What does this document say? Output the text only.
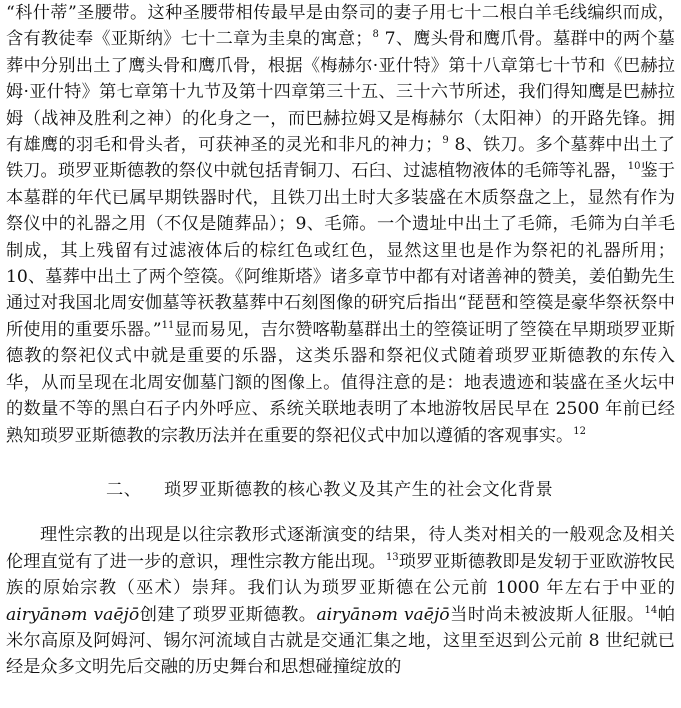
“科什蒂”圣腰带。这种圣腰带相传最早是由祭司的妻子用七十二根白羊毛线编织而成，含有教徒奉《亚斯纳》七十二章为圭臬的寓意；$^8$ 7、鹰头骨和鹰爪骨。墓群中的两个墓葬中分别出土了鹰头骨和鹰爪骨，根据《梅赫尔·亚什特》第十八章第七十节和《巴赫拉姆·亚什特》第七章第十九节及第十四章第三十五、三十六节所述，我们得知鹰是巴赫拉姆（战神及胜利之神）的化身之一，而巴赫拉姆又是梅赫尔（太阳神）的开路先锋。拥有雄鹰的羽毛和骨头者，可获神圣的灵光和非凡的神力；$^9$ 8、铁刀。多个墓葬中出土了铁刀。琐罗亚斯德教的祭仪中就包括青铜刀、石臼、过滤植物液体的毛筛等礼器，$^{10}$鉴于本墓群的年代已属早期铁器时代，且铁刀出土时大多装盛在木质祭盘之上，显然有作为祭仪中的礼器之用（不仅是随葬品）；9、毛筛。一个遗址中出土了毛筛，毛筛为白羊毛制成，其上残留有过滤液体后的棕红色或红色，显然这里也是作为祭祀的礼器所用；10、墓葬中出土了两个箜篌。《阿维斯塔》诸多章节中都有对诸善神的赞美，姜伯勤先生通过对我国北周安伽墓等祆教墓葬中石刻图像的研究后指出“琵琶和箜篌是豪华祭祆祭中所使用的重要乐器。”$^{11}$显而易见，吉尔赞喀勒墓群出土的箜篌证明了箜篌在早期琐罗亚斯德教的祭祀仪式中就是重要的乐器，这类乐器和祭祀仪式随着琐罗亚斯德教的东传入华，从而呈现在北周安伽墓门额的图像上。值得注意的是：地表遗迹和装盛在圣火坛中的数量不等的黑白石子内外呼应、系统关联地表明了本地游牧居民早在 2500 年前已经熟知琐罗亚斯德教的宗教历法并在重要的祭祀仪式中加以遵循的客观事实。$^{12}$

二、 琐罗亚斯德教的核心教义及其产生的社会文化背景

理性宗教的出现是以往宗教形式逐渐演变的结果，待人类对相关的一般观念及相关伦理直觉有了进一步的意识，理性宗教方能出现。$^{13}$琐罗亚斯德教即是发轫于亚欧游牧民族的原始宗教（巫术）崇拜。我们认为琐罗亚斯德在公元前 1000 年左右于中亚的 airyānəm vaējō创建了琐罗亚斯德教。airyānəm vaējō当时尚未被波斯人征服。$^{14}$帕米尔高原及阿姆河、锡尔河流域自古就是交通汇集之地，这里至迟到公元前 8 世纪就已经是众多文明先后交融的历史舞台和思想碰撞绽放的
